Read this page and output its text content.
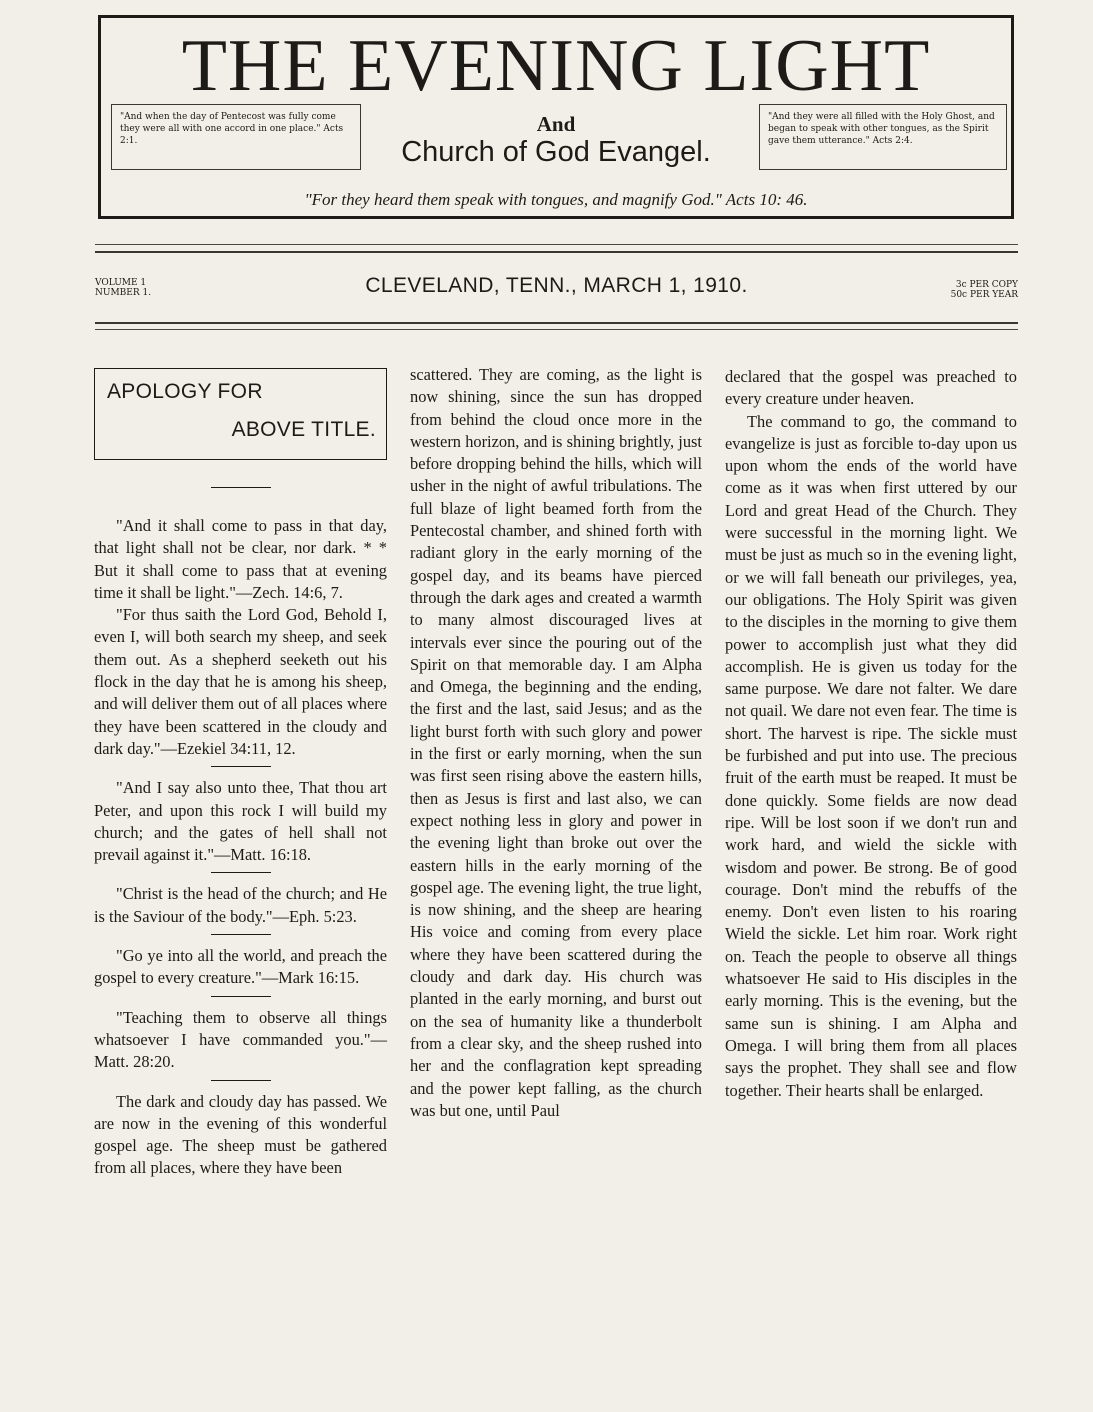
THE EVENING LIGHT
"And when the day of Pentecost was fully come they were all with one accord in one place." Acts 2:1.
And
Church of God Evangel.
"And they were all filled with the Holy Ghost, and began to speak with other tongues, as the Spirit gave them utterance." Acts 2:4.
"For they heard them speak with tongues, and magnify God." Acts 10: 46.
VOLUME 1
NUMBER 1.	CLEVELAND, TENN., MARCH 1, 1910.	3c PER COPY
50c PER YEAR
APOLOGY FOR
ABOVE TITLE.

"And it shall come to pass in that day, that light shall not be clear, nor dark. * * But it shall come to pass that at evening time it shall be light."—Zech. 14:6, 7.

"For thus saith the Lord God, Behold I, even I, will both search my sheep, and seek them out. As a shepherd seeketh out his flock in the day that he is among his sheep, and will deliver them out of all places where they have been scattered in the cloudy and dark day."—Ezekiel 34:11, 12.

"And I say also unto thee, That thou art Peter, and upon this rock I will build my church; and the gates of hell shall not prevail against it."—Matt. 16:18.

"Christ is the head of the church; and He is the Saviour of the body."—Eph. 5:23.

"Go ye into all the world, and preach the gospel to every creature."—Mark 16:15.

"Teaching them to observe all things whatsoever I have commanded you."—Matt. 28:20.

The dark and cloudy day has passed. We are now in the evening of this wonderful gospel age. The sheep must be gathered from all places, where they have been

scattered. They are coming, as the light is now shining, since the sun has dropped from behind the cloud once more in the western horizon, and is shining brightly, just before dropping behind the hills, which will usher in the night of awful tribulations. The full blaze of light beamed forth from the Pentecostal chamber, and shined forth with radiant glory in the early morning of the gospel day, and its beams have pierced through the dark ages and created a warmth to many almost discouraged lives at intervals ever since the pouring out of the Spirit on that memorable day. I am Alpha and Omega, the beginning and the ending, the first and the last, said Jesus; and as the light burst forth with such glory and power in the first or early morning, when the sun was first seen rising above the eastern hills, then as Jesus is first and last also, we can expect nothing less in glory and power in the evening light than broke out over the eastern hills in the early morning of the gospel age. The evening light, the true light, is now shining, and the sheep are hearing His voice and coming from every place where they have been scattered during the cloudy and dark day. His church was planted in the early morning, and burst out on the sea of humanity like a thunderbolt from a clear sky, and the sheep rushed into her and the conflagration kept spreading and the power kept falling, as the church was but one, until Paul

declared that the gospel was preached to every creature under heaven.

The command to go, the command to evangelize is just as forcible to-day upon us upon whom the ends of the world have come as it was when first uttered by our Lord and great Head of the Church. They were successful in the morning light. We must be just as much so in the evening light, or we will fall beneath our privileges, yea, our obligations. The Holy Spirit was given to the disciples in the morning to give them power to accomplish just what they did accomplish. He is given us today for the same purpose. We dare not falter. We dare not quail. We dare not even fear. The time is short. The harvest is ripe. The sickle must be furbished and put into use. The precious fruit of the earth must be reaped. It must be done quickly. Some fields are now dead ripe. Will be lost soon if we don't run and work hard, and wield the sickle with wisdom and power. Be strong. Be of good courage. Don't mind the rebuffs of the enemy. Don't even listen to his roaring Wield the sickle. Let him roar. Work right on. Teach the people to observe all things whatsoever He said to His disciples in the early morning. This is the evening, but the same sun is shining. I am Alpha and Omega. I will bring them from all places says the prophet. They shall see and flow together. Their hearts shall be enlarged.
